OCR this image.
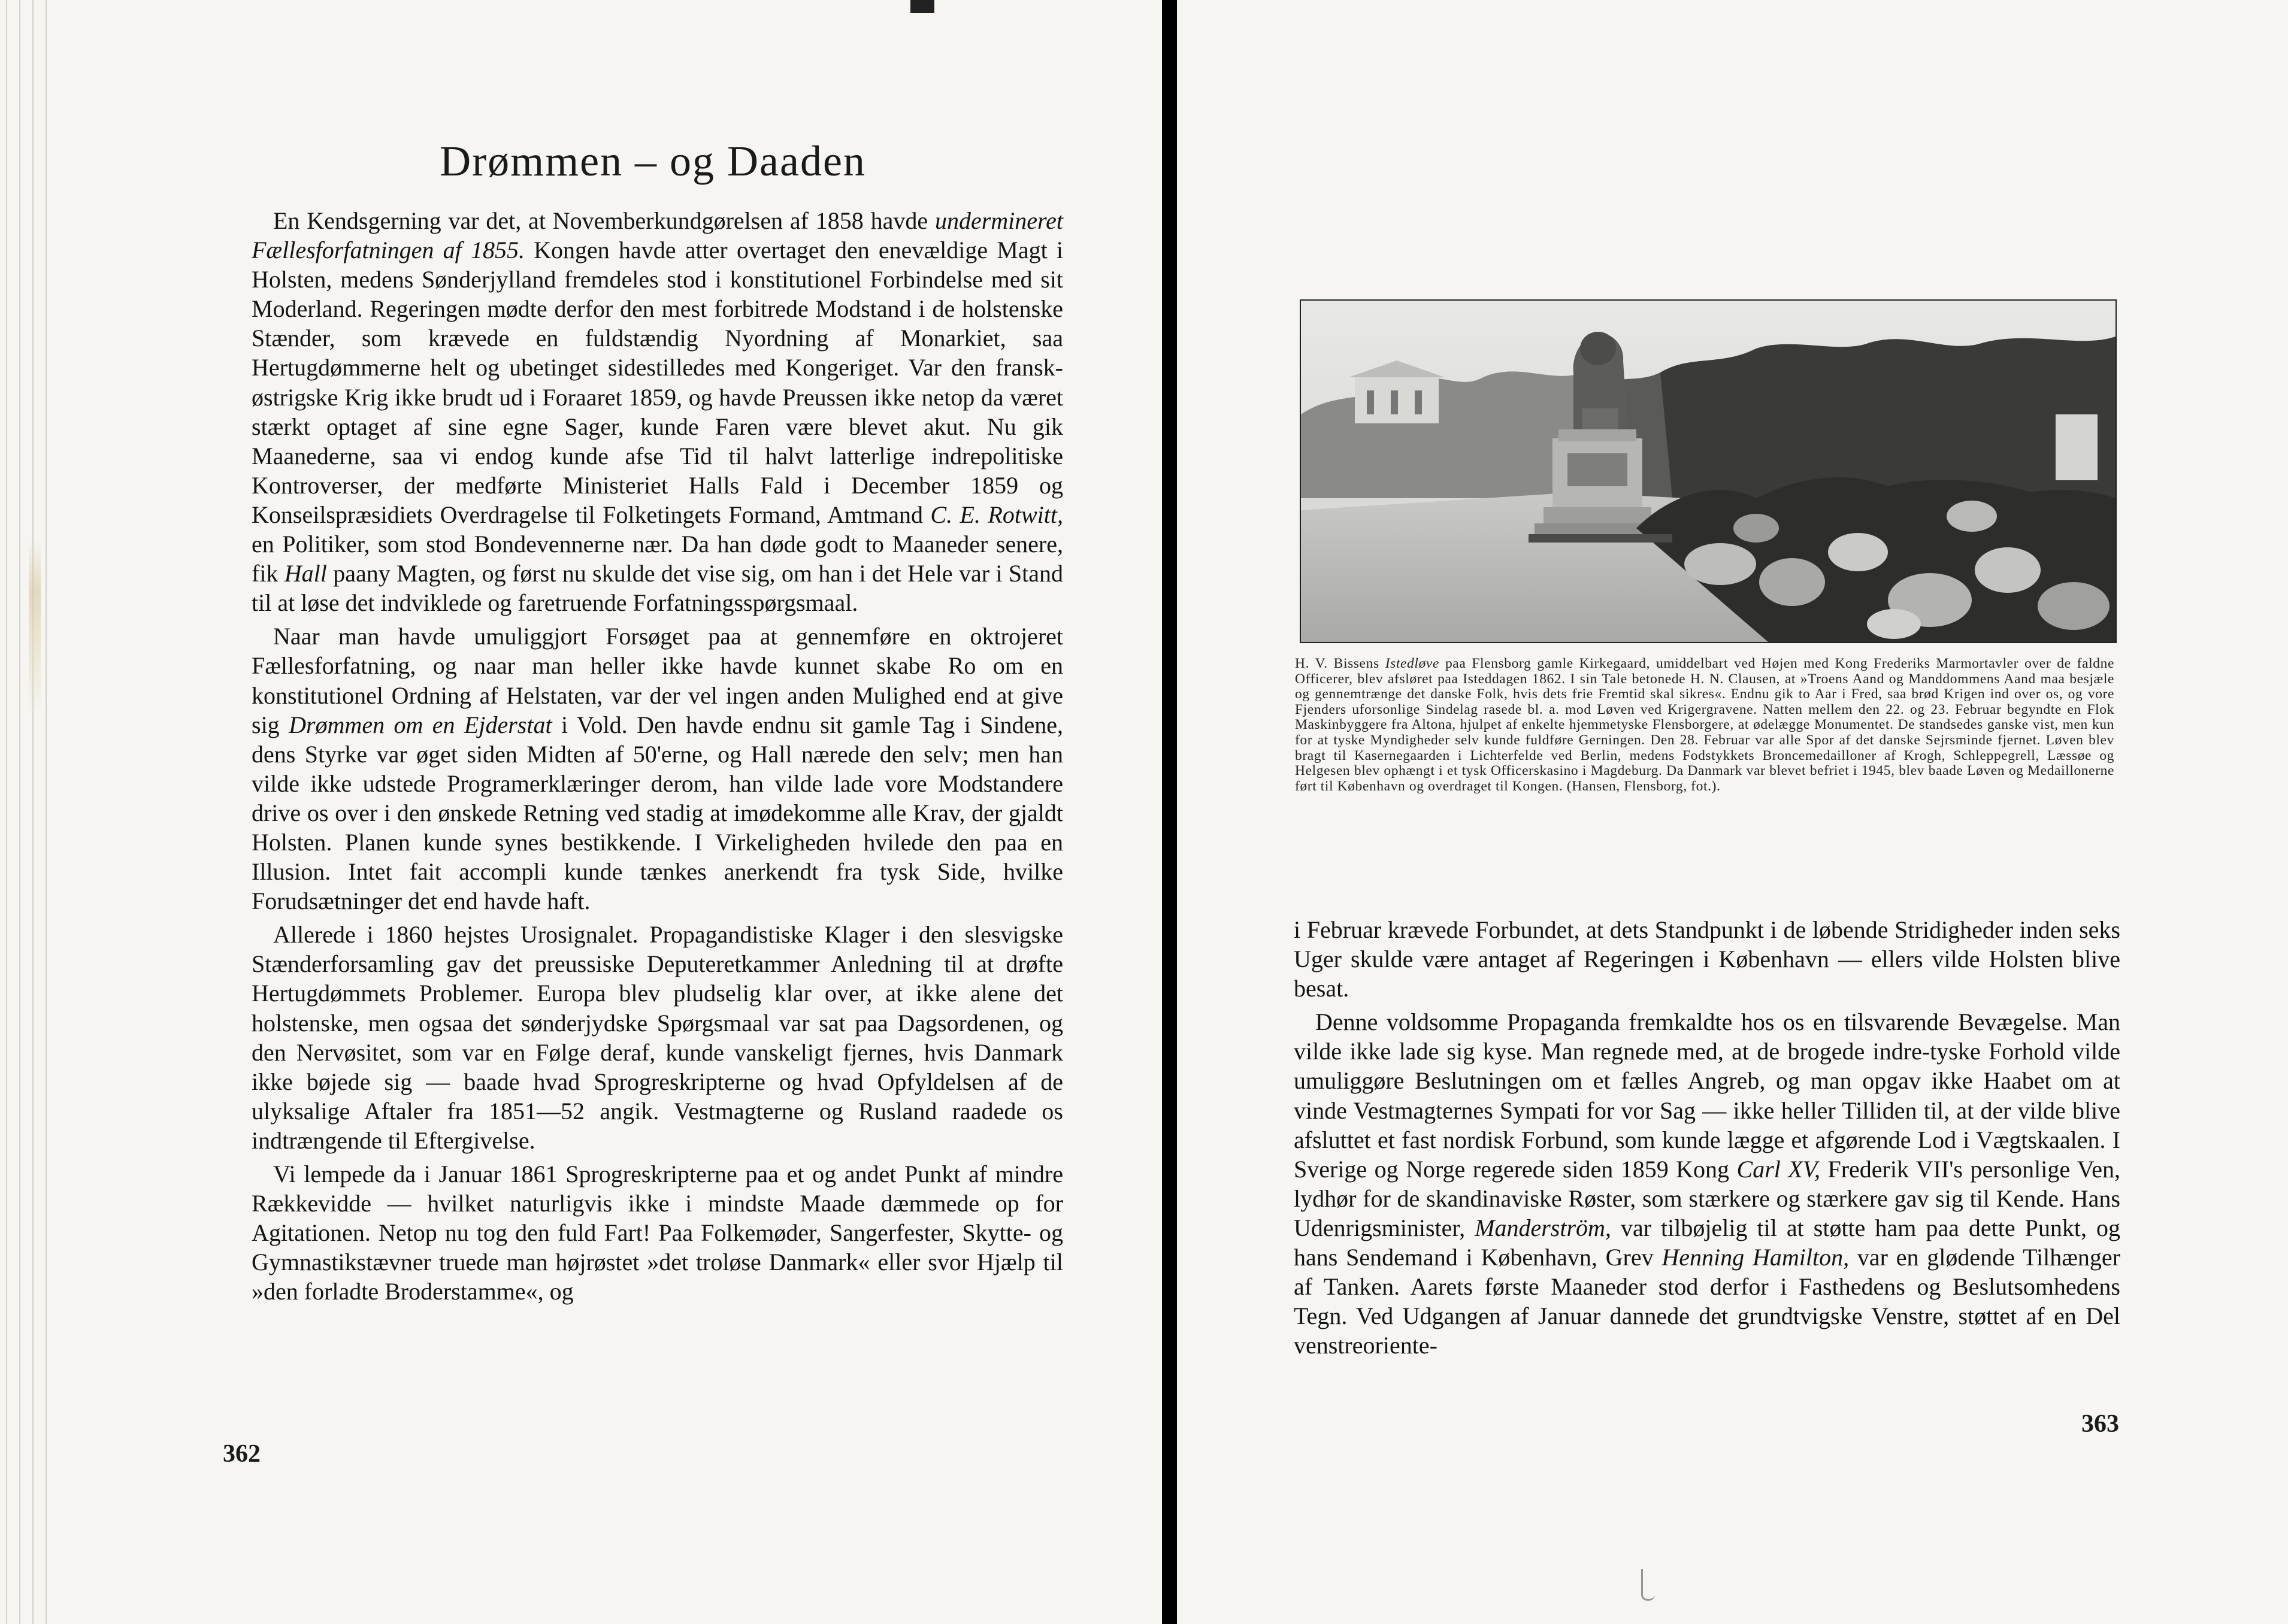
Drømmen – og Daaden

En Kendsgerning var det, at Novemberkundgørelsen af 1858 havde undermineret Fællesforfatningen af 1855. Kongen havde atter overtaget den enevældige Magt i Holsten, medens Sønderjylland fremdeles stod i konstitutionel Forbindelse med sit Moderland. Regeringen mødte derfor den mest forbitrede Modstand i de holstenske Stænder, som krævede en fuldstændig Nyordning af Monarkiet, saa Hertugdømmerne helt og ubetinget sidestilledes med Kongeriget. Var den fransk-østrigske Krig ikke brudt ud i Foraaret 1859, og havde Preussen ikke netop da været stærkt optaget af sine egne Sager, kunde Faren være blevet akut. Nu gik Maanederne, saa vi endog kunde afse Tid til halvt latterlige indrepolitiske Kontroverser, der medførte Ministeriet Halls Fald i December 1859 og Konseilspræsidiets Overdragelse til Folketingets Formand, Amtmand C. E. Rotwitt, en Politiker, som stod Bondevennerne nær. Da han døde godt to Maaneder senere, fik Hall paany Magten, og først nu skulde det vise sig, om han i det Hele var i Stand til at løse det indviklede og faretruende Forfatningsspørgsmaal.

Naar man havde umuliggjort Forsøget paa at gennemføre en oktrojeret Fællesforfatning, og naar man heller ikke havde kunnet skabe Ro om en konstitutionel Ordning af Helstaten, var der vel ingen anden Mulighed end at give sig Drømmen om en Ejderstat i Vold. Den havde endnu sit gamle Tag i Sindene, dens Styrke var øget siden Midten af 50'erne, og Hall nærede den selv; men han vilde ikke udstede Programerklæringer derom, han vilde lade vore Modstandere drive os over i den ønskede Retning ved stadig at imødekomme alle Krav, der gjaldt Holsten. Planen kunde synes bestikkende. I Virkeligheden hvilede den paa en Illusion. Intet fait accompli kunde tænkes anerkendt fra tysk Side, hvilke Forudsætninger det end havde haft.

Allerede i 1860 hejstes Urosignalet. Propagandistiske Klager i den slesvigske Stænderforsamling gav det preussiske Deputeretkammer Anledning til at drøfte Hertugdømmets Problemer. Europa blev pludselig klar over, at ikke alene det holstenske, men ogsaa det sønderjydske Spørgsmaal var sat paa Dagsordenen, og den Nervøsitet, som var en Følge deraf, kunde vanskeligt fjernes, hvis Danmark ikke bøjede sig — baade hvad Sprogreskripterne og hvad Opfyldelsen af de ulyksalige Aftaler fra 1851—52 angik. Vestmagterne og Rusland raadede os indtrængende til Eftergivelse.

Vi lempede da i Januar 1861 Sprogreskripterne paa et og andet Punkt af mindre Rækkevidde — hvilket naturligvis ikke i mindste Maade dæmmede op for Agitationen. Netop nu tog den fuld Fart! Paa Folkemøder, Sangerfester, Skytte- og Gymnastikstævner truede man højrøstet »det troløse Danmark« eller svor Hjælp til »den forladte Broderstamme«, og

362

H. V. Bissens Istedløve paa Flensborg gamle Kirkegaard, umiddelbart ved Højen med Kong Frederiks Marmortavler over de faldne Officerer, blev afsløret paa Isteddagen 1862. I sin Tale betonede H. N. Clausen, at »Troens Aand og Manddommens Aand maa besjæle og gennemtrænge det danske Folk, hvis dets frie Fremtid skal sikres«. Endnu gik to Aar i Fred, saa brød Krigen ind over os, og vore Fjenders uforsonlige Sindelag rasede bl. a. mod Løven ved Krigergravene. Natten mellem den 22. og 23. Februar begyndte en Flok Maskinbyggere fra Altona, hjulpet af enkelte hjemmetyske Flensborgere, at ødelægge Monumentet. De standsedes ganske vist, men kun for at tyske Myndigheder selv kunde fuldføre Gerningen. Den 28. Februar var alle Spor af det danske Sejrsminde fjernet. Løven blev bragt til Kasernegaarden i Lichterfelde ved Berlin, medens Fodstykkets Broncemedailloner af Krogh, Schleppegrell, Læssøe og Helgesen blev ophængt i et tysk Officerskasino i Magdeburg. Da Danmark var blevet befriet i 1945, blev baade Løven og Medaillonerne ført til København og overdraget til Kongen. (Hansen, Flensborg, fot.).

i Februar krævede Forbundet, at dets Standpunkt i de løbende Stridigheder inden seks Uger skulde være antaget af Regeringen i København — ellers vilde Holsten blive besat.

Denne voldsomme Propaganda fremkaldte hos os en tilsvarende Bevægelse. Man vilde ikke lade sig kyse. Man regnede med, at de brogede indre-tyske Forhold vilde umuliggøre Beslutningen om et fælles Angreb, og man opgav ikke Haabet om at vinde Vestmagternes Sympati for vor Sag — ikke heller Tilliden til, at der vilde blive afsluttet et fast nordisk Forbund, som kunde lægge et afgørende Lod i Vægtskaalen. I Sverige og Norge regerede siden 1859 Kong Carl XV, Frederik VII's personlige Ven, lydhør for de skandinaviske Røster, som stærkere og stærkere gav sig til Kende. Hans Udenrigsminister, Manderström, var tilbøjelig til at støtte ham paa dette Punkt, og hans Sendemand i København, Grev Henning Hamilton, var en glødende Tilhænger af Tanken. Aarets første Maaneder stod derfor i Fasthedens og Beslutsomhedens Tegn. Ved Udgangen af Januar dannede det grundtvigske Venstre, støttet af en Del venstreoriente-

363
